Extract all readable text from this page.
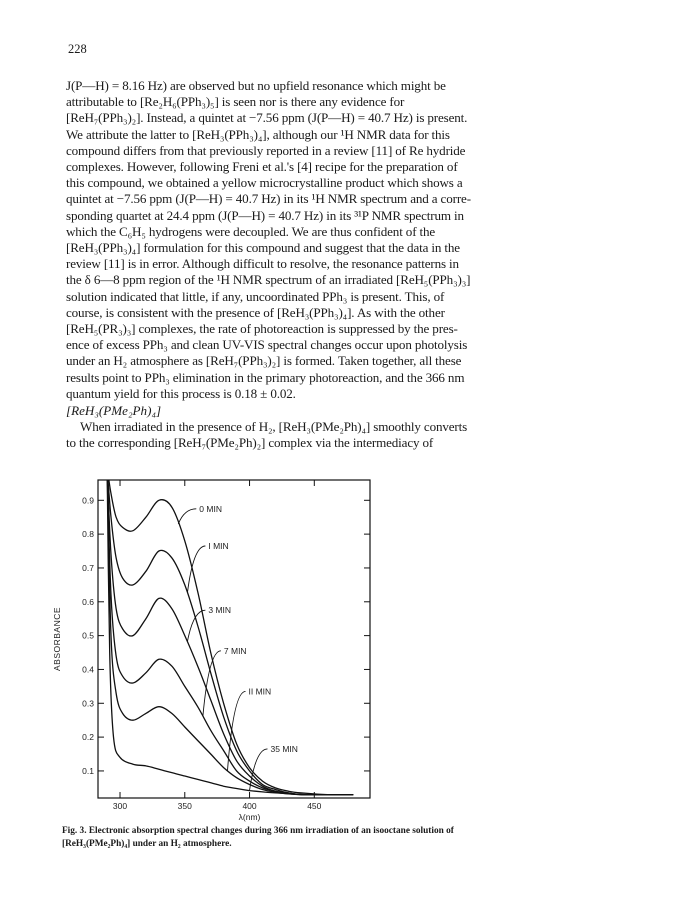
228

J(P—H) = 8.16 Hz) are observed but no upfield resonance which might be

attributable to [Re₂H₆(PPh₃)₅] is seen nor is there any evidence for

[ReH₇(PPh₃)₂]. Instead, a quintet at −7.56 ppm (J(P—H) = 40.7 Hz) is present.

We attribute the latter to [ReH₃(PPh₃)₄], although our ¹H NMR data for this

compound differs from that previously reported in a review [11] of Re hydride

complexes. However, following Freni et al.'s [4] recipe for the preparation of

this compound, we obtained a yellow microcrystalline product which shows a

quintet at −7.56 ppm (J(P—H) = 40.7 Hz) in its ¹H NMR spectrum and a corre-

sponding quartet at 24.4 ppm (J(P—H) = 40.7 Hz) in its ³¹P NMR spectrum in

which the C₆H₅ hydrogens were decoupled. We are thus confident of the

[ReH₃(PPh₃)₄] formulation for this compound and suggest that the data in the

review [11] is in error. Although difficult to resolve, the resonance patterns in

the δ 6—8 ppm region of the ¹H NMR spectrum of an irradiated [ReH₅(PPh₃)₃]

solution indicated that little, if any, uncoordinated PPh₃ is present. This, of

course, is consistent with the presence of [ReH₃(PPh₃)₄]. As with the other

[ReH₅(PR₃)₃] complexes, the rate of photoreaction is suppressed by the pres-

ence of excess PPh₃ and clean UV-VIS spectral changes occur upon photolysis

under an H₂ atmosphere as [ReH₇(PPh₃)₂] is formed. Taken together, all these

results point to PPh₃ elimination in the primary photoreaction, and the 366 nm

quantum yield for this process is 0.18 ± 0.02.

[ReH₃(PMe₂Ph)₄]

When irradiated in the presence of H₂, [ReH₃(PMe₂Ph)₄] smoothly converts

to the corresponding [ReH₇(PMe₂Ph)₂] complex via the intermediacy of

0.1
0.2
0.3
0.4
0.5
0.6
0.7
0.8
0.9
300	350	400	450
λ(nm)
ABSORBANCE
0 MIN
I MIN
3 MIN
7 MIN
II MIN
35 MIN

Fig. 3. Electronic absorption spectral changes during 366 nm irradiation of an isooctane solution of

[ReH₃(PMe₂Ph)₄] under an H₂ atmosphere.
